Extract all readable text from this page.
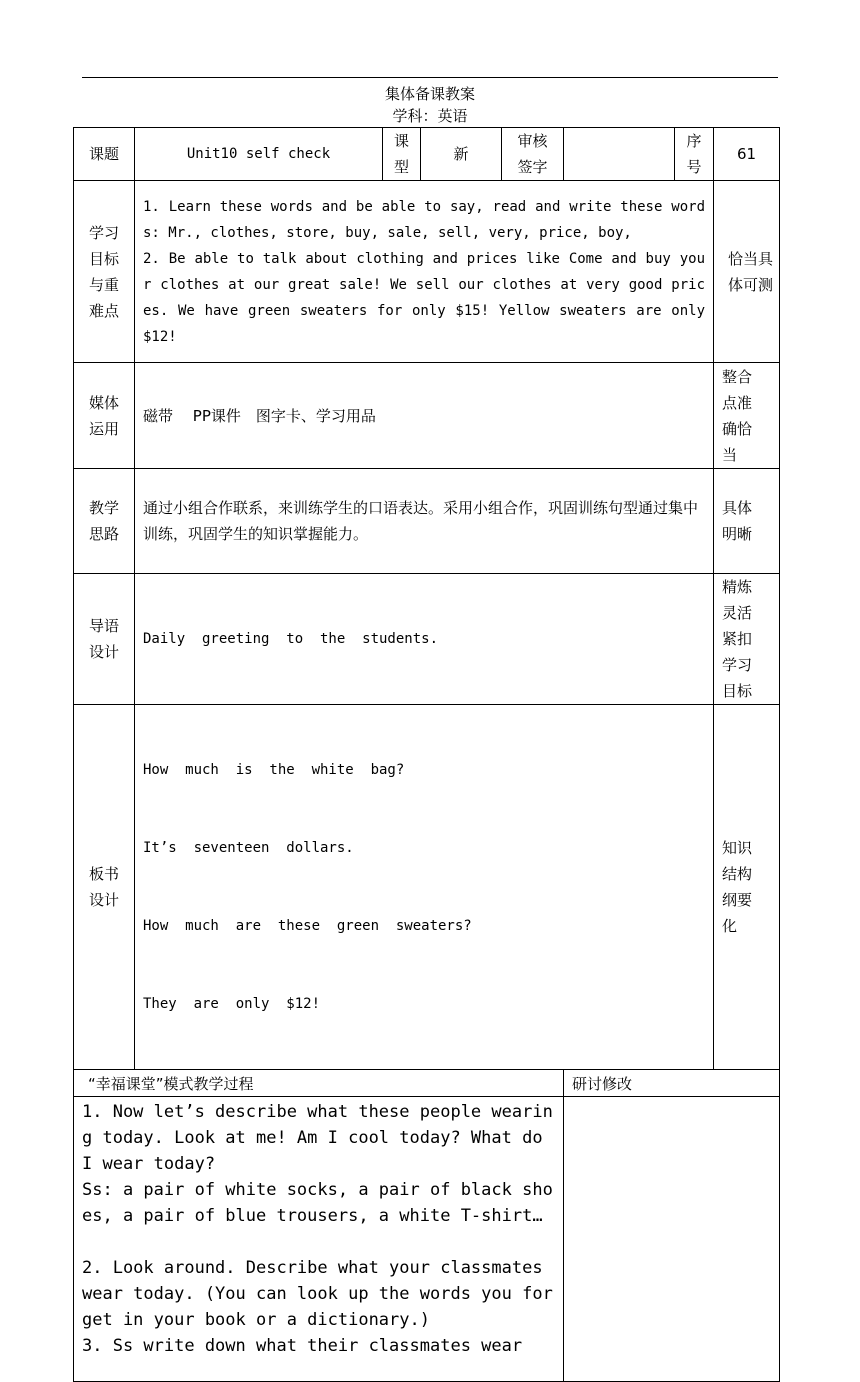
集体备课教案
学科：英语
课题	Unit10 self check	课型	新	审核签字		序号	61
学习目标与重难点	1. Learn these words and be able to say, read and write these words: Mr., clothes, store, buy, sale, sell, very, price, boy,

2. Be able to talk about clothing and prices like Come and buy your clothes at our great sale! We sell our clothes at very good prices. We have green sweaters for only $15! Yellow sweaters are only $12!						恰当具体可测
媒体运用	磁带　 PP课件　图字卡、学习用品						整合点准确恰当
教学思路	通过小组合作联系，来训练学生的口语表达。采用小组合作，巩固训练句型通过集中训练，巩固学生的知识掌握能力。						具体明晰
导语设计	Daily  greeting  to  the  students.						精炼灵活紧扣学习目标
板书设计	How  much  is  the  white  bag?

It’s  seventeen  dollars.

How  much  are  these  green  sweaters?

They  are  only  $12!						知识结构纲要化
“幸福课堂”模式教学过程					研讨修改		

1. Now let’s describe what these people wearing today. Look at me! Am I cool today? What do I wear today?

Ss: a pair of white socks, a pair of black shoes, a pair of blue trousers, a white T-shirt…

2. Look around. Describe what your classmates wear today. (You can look up the words you forget in your book or a dictionary.)

3. Ss write down what their classmates wear							
